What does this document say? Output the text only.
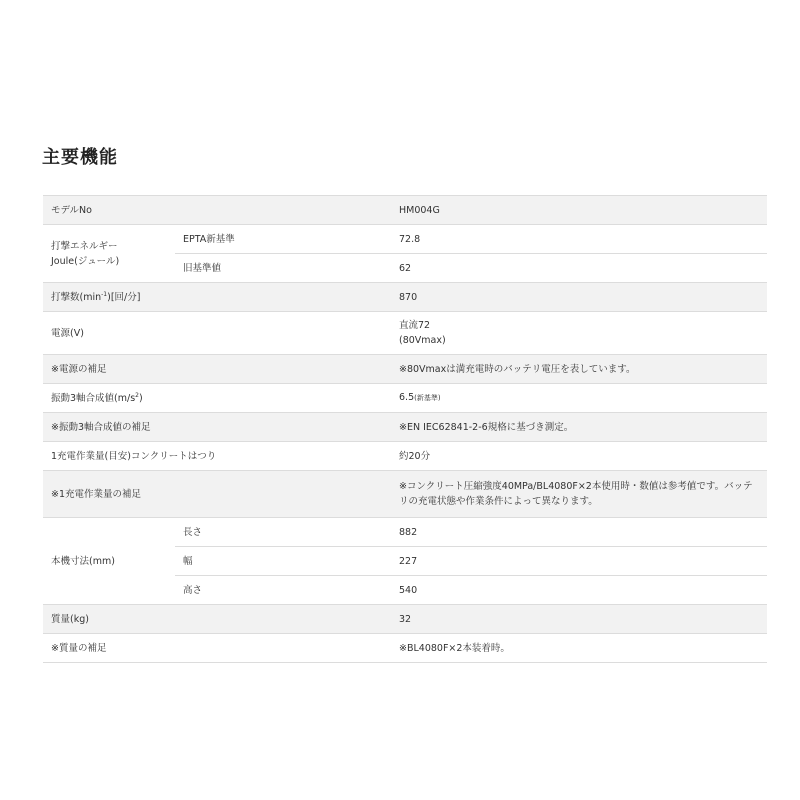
主要機能
モデルNo		HM004G
打撃エネルギー
Joule(ジュール)	EPTA新基準	72.8
	旧基準値	62
打撃数$(\min^{-1})$[回/分]		870
電源(V)		直流72
(80Vmax)
※電源の補足		※80Vmaxは満充電時のバッテリ電圧を表しています。
振動3軸合成値$(m/s^2)$		6.5(新基準)
※振動3軸合成値の補足		※EN IEC62841-2-6規格に基づき測定。
1充電作業量(目安)コンクリートはつり		約20分
※1充電作業量の補足		※コンクリート圧縮強度40MPa/BL4080F×2本使用時・数値は参考値です。バッテ
リの充電状態や作業条件によって異なります。
本機寸法(mm)	長さ	882
	幅	227
	高さ	540
質量(kg)		32
※質量の補足		※BL4080F×2本装着時。
